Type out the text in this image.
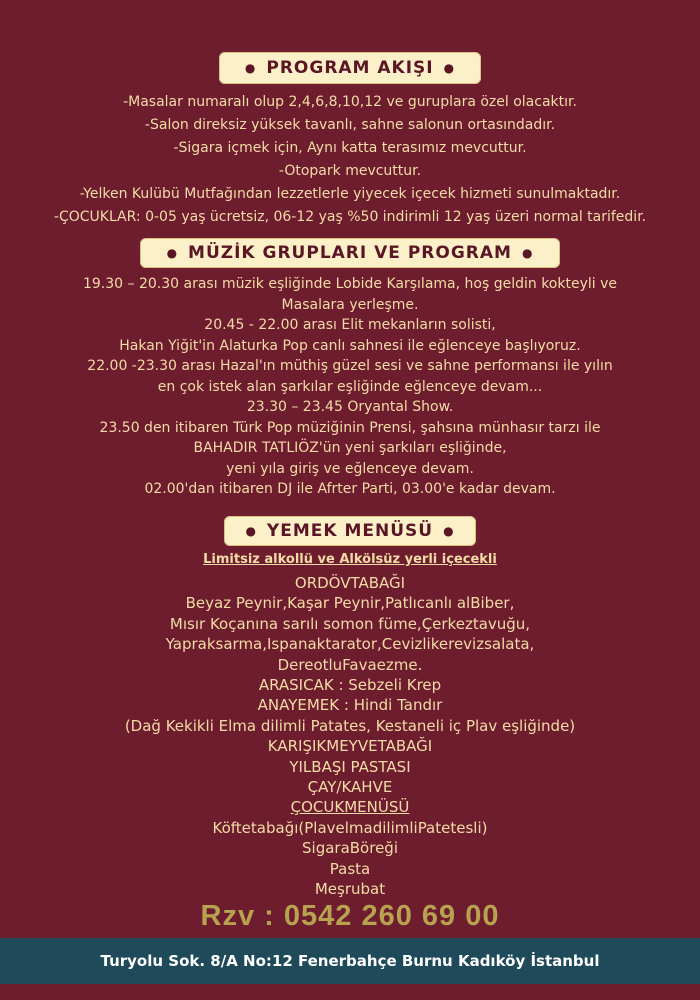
● PROGRAM AKIŞI ●
-Masalar numaralı olup 2,4,6,8,10,12 ve guruplara özel olacaktır.
-Salon direksiz yüksek tavanlı, sahne salonun ortasındadır.
-Sigara içmek için, Aynı katta terasımız mevcuttur.
-Otopark mevcuttur.
-Yelken Kulübü Mutfağından lezzetlerle yiyecek içecek hizmeti sunulmaktadır.
-ÇOCUKLAR: 0-05 yaş ücretsiz, 06-12 yaş %50 indirimli 12 yaş üzeri normal tarifedir.
● MÜZİK GRUPLARI VE PROGRAM ●
19.30 – 20.30 arası müzik eşliğinde Lobide Karşılama, hoş geldin kokteyli ve
Masalara yerleşme.
20.45 - 22.00 arası Elit mekanların solisti,
Hakan Yiğit'in Alaturka Pop canlı sahnesi ile eğlenceye başlıyoruz.
22.00 -23.30 arası Hazal'ın müthiş güzel sesi ve sahne performansı ile yılın
en çok istek alan şarkılar eşliğinde eğlenceye devam...
23.30 – 23.45 Oryantal Show.
23.50 den itibaren Türk Pop müziğinin Prensi, şahsına münhasır tarzı ile
BAHADIR TATLIÖZ'ün yeni şarkıları eşliğinde,
yeni yıla giriş ve eğlenceye devam.
02.00'dan itibaren DJ ile Afrter Parti, 03.00'e kadar devam.
● YEMEK MENÜSÜ ●
Limitsiz alkollü ve Alkölsüz yerli içecekli
ORDÖVTABAĞI
Beyaz Peynir,Kaşar Peynir,Patlıcanlı alBiber,
Mısır Koçanına sarılı somon füme,Çerkeztavuğu,
Yapraksarma,Ispanaktarator,Cevizlikerevizsalata,
DereotluFavaezme.
ARASICAK : Sebzeli Krep
ANAYEMEK : Hindi Tandır
(Dağ Kekikli Elma dilimli Patates, Kestaneli iç Plav eşliğinde)
KARIŞIKMEYVETABAĞI
YILBAŞI PASTASI
ÇAY/KAHVE
ÇOCUKMENÜSÜ
Köftetabağı(PlavelmadilimliPatetesli)
SigaraBöreği
Pasta
Meşrubat
Rzv : 0542 260 69 00
Turyolu Sok. 8/A No:12 Fenerbahçe Burnu Kadıköy İstanbul
